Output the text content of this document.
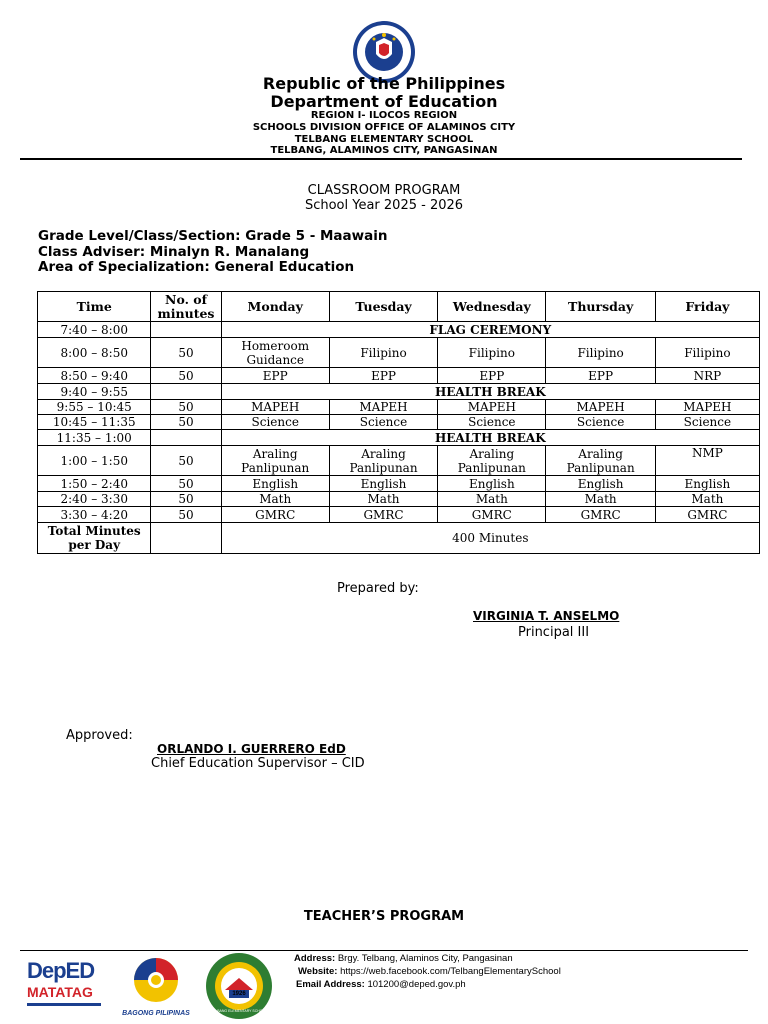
Republic of the Philippines
Department of Education
REGION I- ILOCOS REGION
SCHOOLS DIVISION OFFICE OF ALAMINOS CITY
TELBANG ELEMENTARY SCHOOL
TELBANG, ALAMINOS CITY, PANGASINAN
CLASSROOM PROGRAM
School Year 2025 - 2026
Grade Level/Class/Section: Grade 5 - Maawain
Class Adviser: Minalyn R. Manalang
Area of Specialization: General Education
Time	No. of minutes	Monday	Tuesday	Wednesday	Thursday	Friday
7:40 – 8:00		FLAG CEREMONY				
8:00 – 8:50	50	Homeroom Guidance	Filipino	Filipino	Filipino	Filipino
8:50 – 9:40	50	EPP	EPP	EPP	EPP	NRP
9:40 – 9:55		HEALTH BREAK				
9:55 – 10:45	50	MAPEH	MAPEH	MAPEH	MAPEH	MAPEH
10:45 – 11:35	50	Science	Science	Science	Science	Science
11:35 – 1:00		HEALTH BREAK				
1:00 – 1:50	50	Araling Panlipunan	Araling Panlipunan	Araling Panlipunan	Araling Panlipunan	NMP
1:50 – 2:40	50	English	English	English	English	English
2:40 – 3:30	50	Math	Math	Math	Math	Math
3:30 – 4:20	50	GMRC	GMRC	GMRC	GMRC	GMRC
Total Minutes per Day		400 Minutes				
Prepared by:
VIRGINIA T. ANSELMO
Principal III
Approved:
ORLANDO I. GUERRERO EdD
Chief Education Supervisor – CID
TEACHER’S PROGRAM
DepED
MATATAG
BAGONG PILIPINAS
1926
TELBANG ELEMENTARY SCHOOL
Address: Brgy. Telbang, Alaminos City, Pangasinan
Website: https://web.facebook.com/TelbangElementarySchool
Email Address: 101200@deped.gov.ph
